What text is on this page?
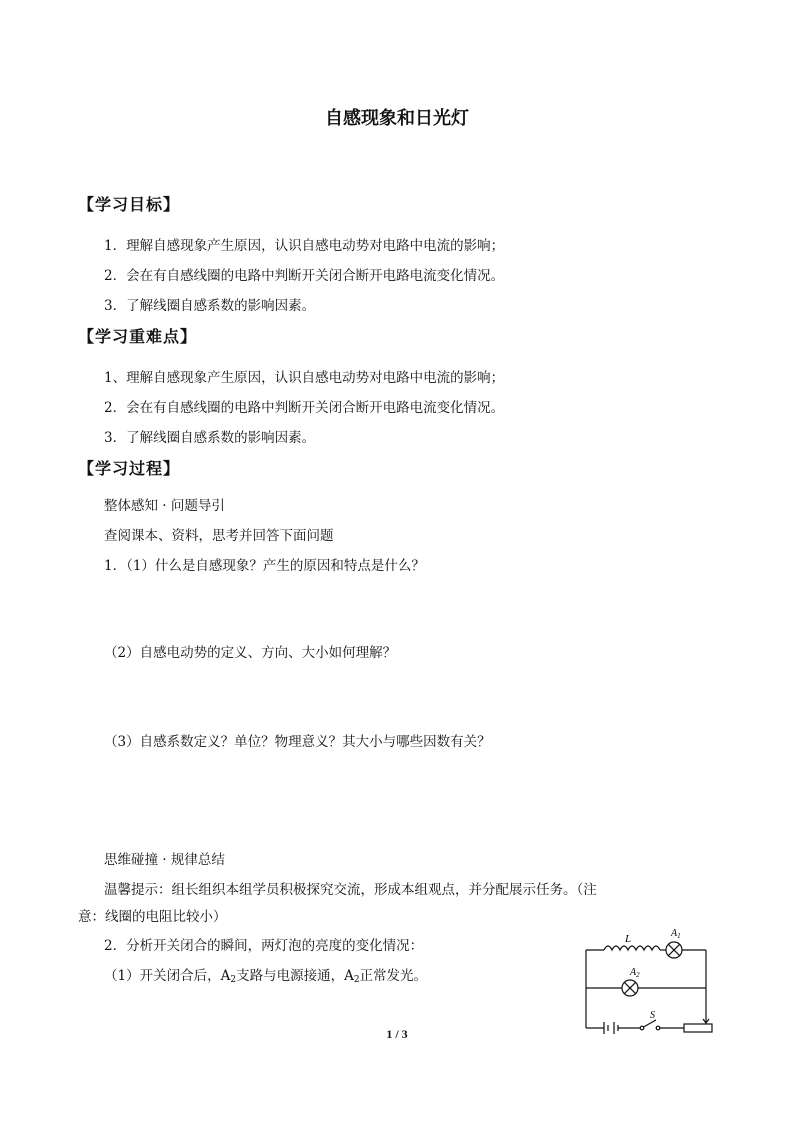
自感现象和日光灯
【学习目标】
1．理解自感现象产生原因，认识自感电动势对电路中电流的影响；
2．会在有自感线圈的电路中判断开关闭合断开电路电流变化情况。
3．了解线圈自感系数的影响因素。
【学习重难点】
1、理解自感现象产生原因，认识自感电动势对电路中电流的影响；
2．会在有自感线圈的电路中判断开关闭合断开电路电流变化情况。
3．了解线圈自感系数的影响因素。
【学习过程】
整体感知 · 问题导引
查阅课本、资料，思考并回答下面问题
1．（1）什么是自感现象？产生的原因和特点是什么？
（2）自感电动势的定义、方向、大小如何理解？
（3）自感系数定义？单位？物理意义？其大小与哪些因数有关？
思维碰撞 · 规律总结
温馨提示：组长组织本组学员积极探究交流，形成本组观点，并分配展示任务。（注
意：线圈的电阻比较小）
2．分析开关闭合的瞬间，两灯泡的亮度的变化情况：
（1）开关闭合后，$A_2$支路与电源接通，$A_2$正常发光。
L	$A_1$
$A_2$
S
1 / 3
